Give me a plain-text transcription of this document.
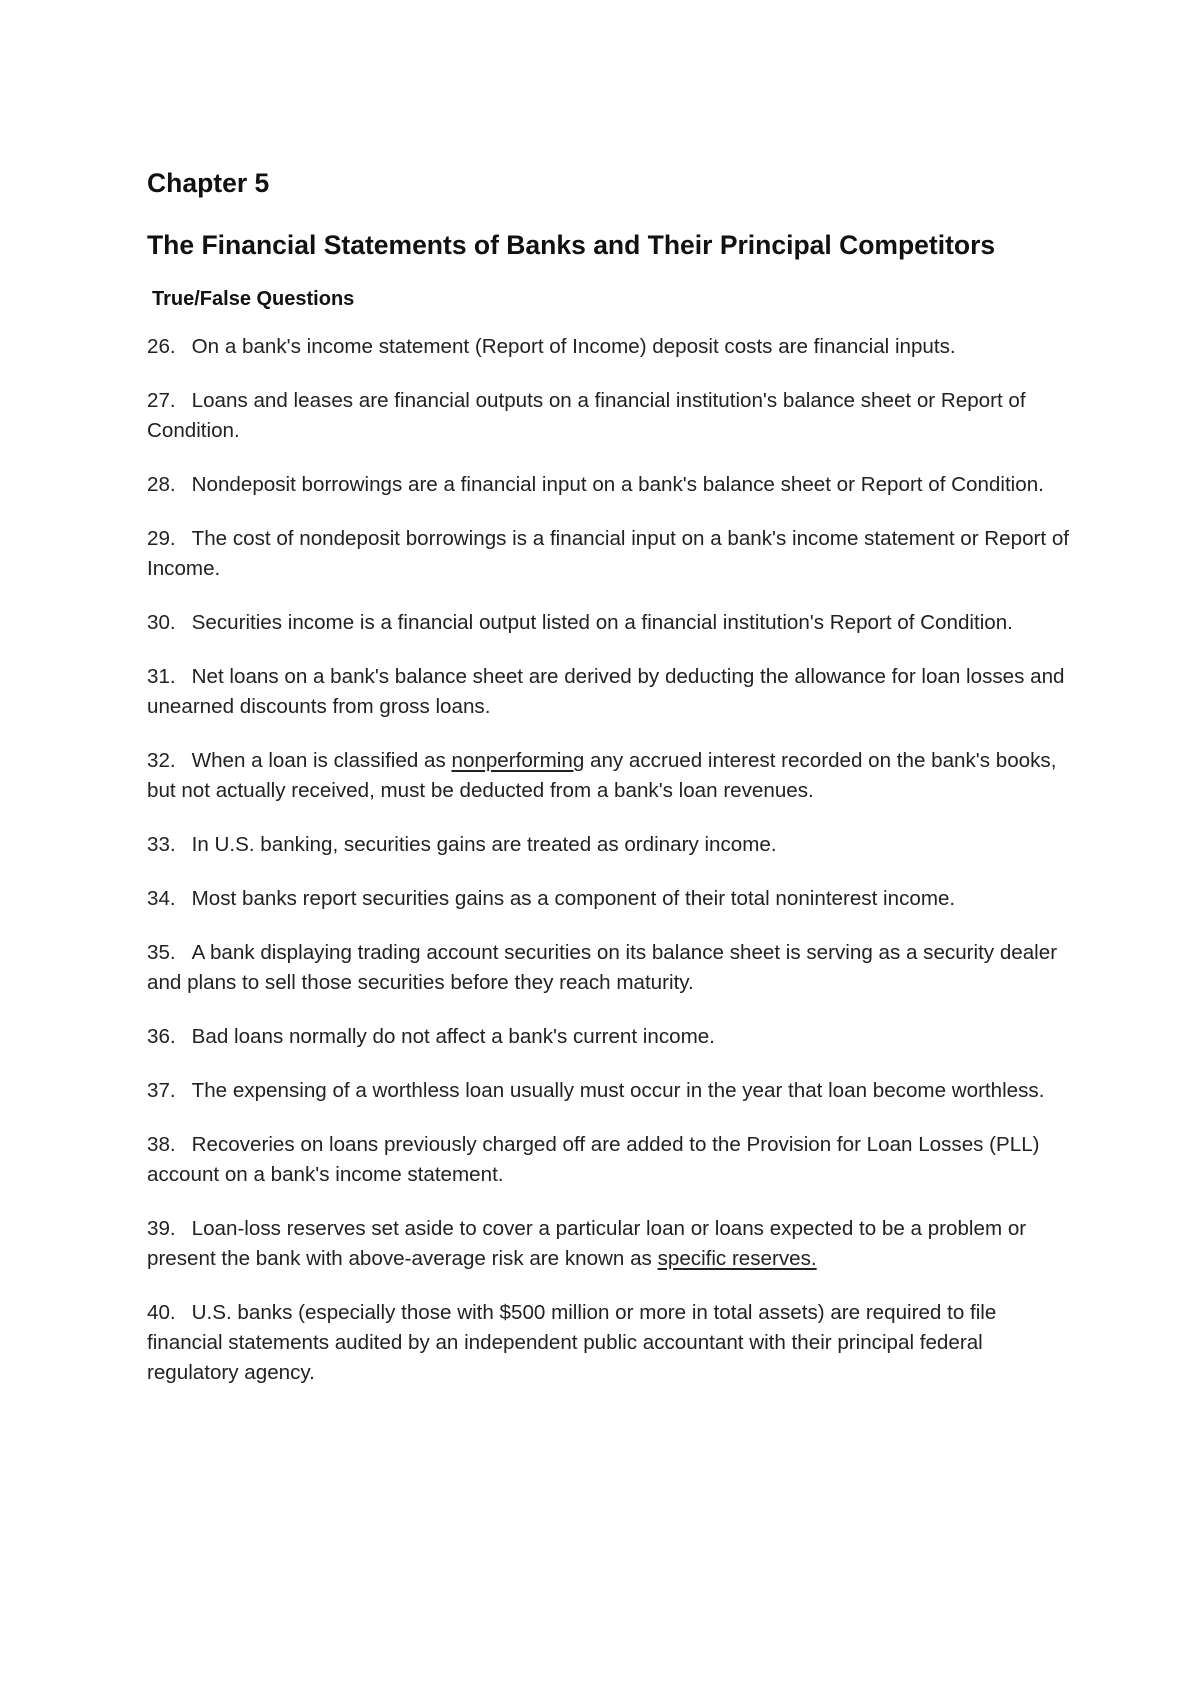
Chapter 5
The Financial Statements of Banks and Their Principal Competitors
True/False Questions
26. On a bank's income statement (Report of Income) deposit costs are financial inputs.
27. Loans and leases are financial outputs on a financial institution's balance sheet or Report of Condition.
28. Nondeposit borrowings are a financial input on a bank's balance sheet or Report of Condition.
29. The cost of nondeposit borrowings is a financial input on a bank's income statement or Report of Income.
30. Securities income is a financial output listed on a financial institution's Report of Condition.
31. Net loans on a bank's balance sheet are derived by deducting the allowance for loan losses and unearned discounts from gross loans.
32. When a loan is classified as nonperforming any accrued interest recorded on the bank's books, but not actually received, must be deducted from a bank's loan revenues.
33. In U.S. banking, securities gains are treated as ordinary income.
34. Most banks report securities gains as a component of their total noninterest income.
35. A bank displaying trading account securities on its balance sheet is serving as a security dealer and plans to sell those securities before they reach maturity.
36. Bad loans normally do not affect a bank's current income.
37. The expensing of a worthless loan usually must occur in the year that loan become worthless.
38. Recoveries on loans previously charged off are added to the Provision for Loan Losses (PLL) account on a bank's income statement.
39. Loan-loss reserves set aside to cover a particular loan or loans expected to be a problem or present the bank with above-average risk are known as specific reserves.
40. U.S. banks (especially those with $500 million or more in total assets) are required to file financial statements audited by an independent public accountant with their principal federal regulatory agency.
